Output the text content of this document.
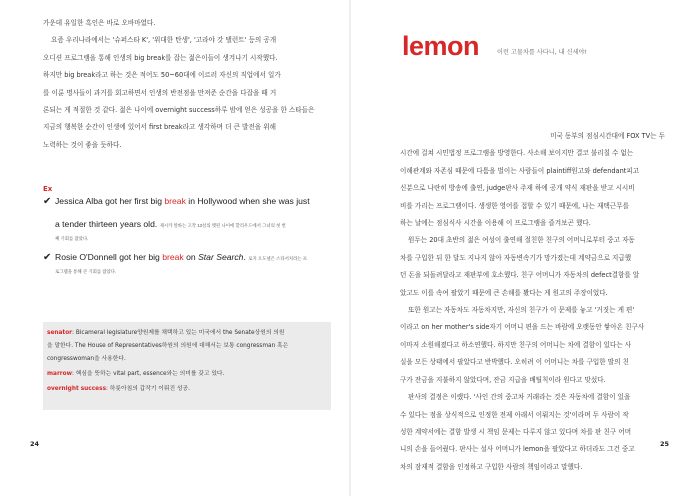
가운데 유일한 흑인은 바로 오바마였다.

요즘 우리나라에서는 '슈퍼스타 K', '위대한 탄생', '고라야 갓 탤런트' 등의 공개

오디션 프로그램을 통해 인생의 big break를 잡는 젊은이들이 생겨나기 시작했다.

하지만 big break라고 하는 것은 적어도 50~60대에 이르러 자신의 직업에서 일가

를 이룬 명사들이 과거를 회고하면서 인생의 반전점을 만져준 순간을 다잡을 때 거

론되는 게 적절한 것 같다. 젊은 나이에 overnight success하루 밤에 얻은 성공을 한 스타들은

지금의 행복한 순간이 인생에 있어서 first break라고 생각하며 더 큰 발전을 위해

노력하는 것이 좋을 듯하다.

Ex
✔ Jessica Alba got her first big break in Hollywood when she was just
a tender thirteen years old. 제시카 알바는 고작 13살의 앳된 나이에 할리우드에서 그녀의 첫 번
째 기회를 잡았다.
✔ Rosie O'Donnell got her big break on Star Search. 로지 오도넬은 스타서치라는 프
로그램을 통해 큰 기회를 잡았다.

senator: Bicameral legislature양원제를 채택하고 있는 미국에서 the Senate상원의 의원

을 말한다. The House of Representatives하원의 의원에 대해서는 보통 congressman 혹은

congresswoman을 사용한다.

marrow: 핵심을 뜻하는 vital part, essence와는 의미를 갖고 있다.

overnight success: 하룻아침의 갑작기 이뤄진 성공.

24
lemon	이런 고물차를 사다니, 내 신세야!

미국 동부의 점심시간대에 FOX TV는 두

시간에 걸쳐 시민법정 프로그램을 방영한다. 사소해 보이지만 결코 불리칠 수 없는

이해관계와 자존심 때문에 다툼을 벌이는 사람들이 plaintiff원고와 defendant피고

신분으로 나란히 방송에 출연, judge판사 주재 하에 공개 약식 재판을 받고 시시비

비를 가리는 프로그램이다. 생생한 영어를 접할 수 있기 때문에, 나는 재택근무를

하는 날에는 점심식사 시간을 이용해 이 프로그램을 즐겨보곤 했다.

원두는 20대 초반의 젊은 여성이 출연해 절친한 친구의 어머니로부터 중고 자동

차를 구입한 뒤 한 달도 지나지 않아 자동변속기가 망가졌는데 계약금으로 지급했

던 돈을 되돌려달라고 재판부에 호소했다. 친구 어머니가 자동차의 defect결함를 알

았고도 이를 속여 팔았기 때문에 큰 손해를 봤다는 게 원고의 주장이었다.

또한 원고는 자동차도 자동차지만, 자신의 친구가 이 문제를 놓고 '거짓는 게 편'

이라고 on her mother's side자기 어머니 편을 드는 바람에 오랫동안 쌓아온 친구사

이마저 소원해졌다고 하소연했다. 하지만 친구의 어머니는 차에 결함이 있다는 사

실을 모든 상태에서 팔았다고 반박했다. 오히려 이 어머니는 차를 구입한 딸의 친

구가 잔금을 지불하지 않았다며, 잔금 지급을 배틸칙이라 원다고 맞섰다.

판사의 결정은 이랬다. '사인 간의 중고차 거래라는 것은 자동차에 결함이 있을

수 있다는 점을 상식적으로 인정한 전제 아래서 이뤄지는 것'이라며 두 사람이 작

성한 계약서에는 결함 발생 시 책임 문제는 다루지 않고 있다며 차를 판 친구 어머

니의 손을 들어줬다. 판사는 설사 어머니가 lemon을 팔았다고 하더라도 그건 중고

차의 잠재적 결함을 인정하고 구입한 사람의 책임이라고 말했다.

25
